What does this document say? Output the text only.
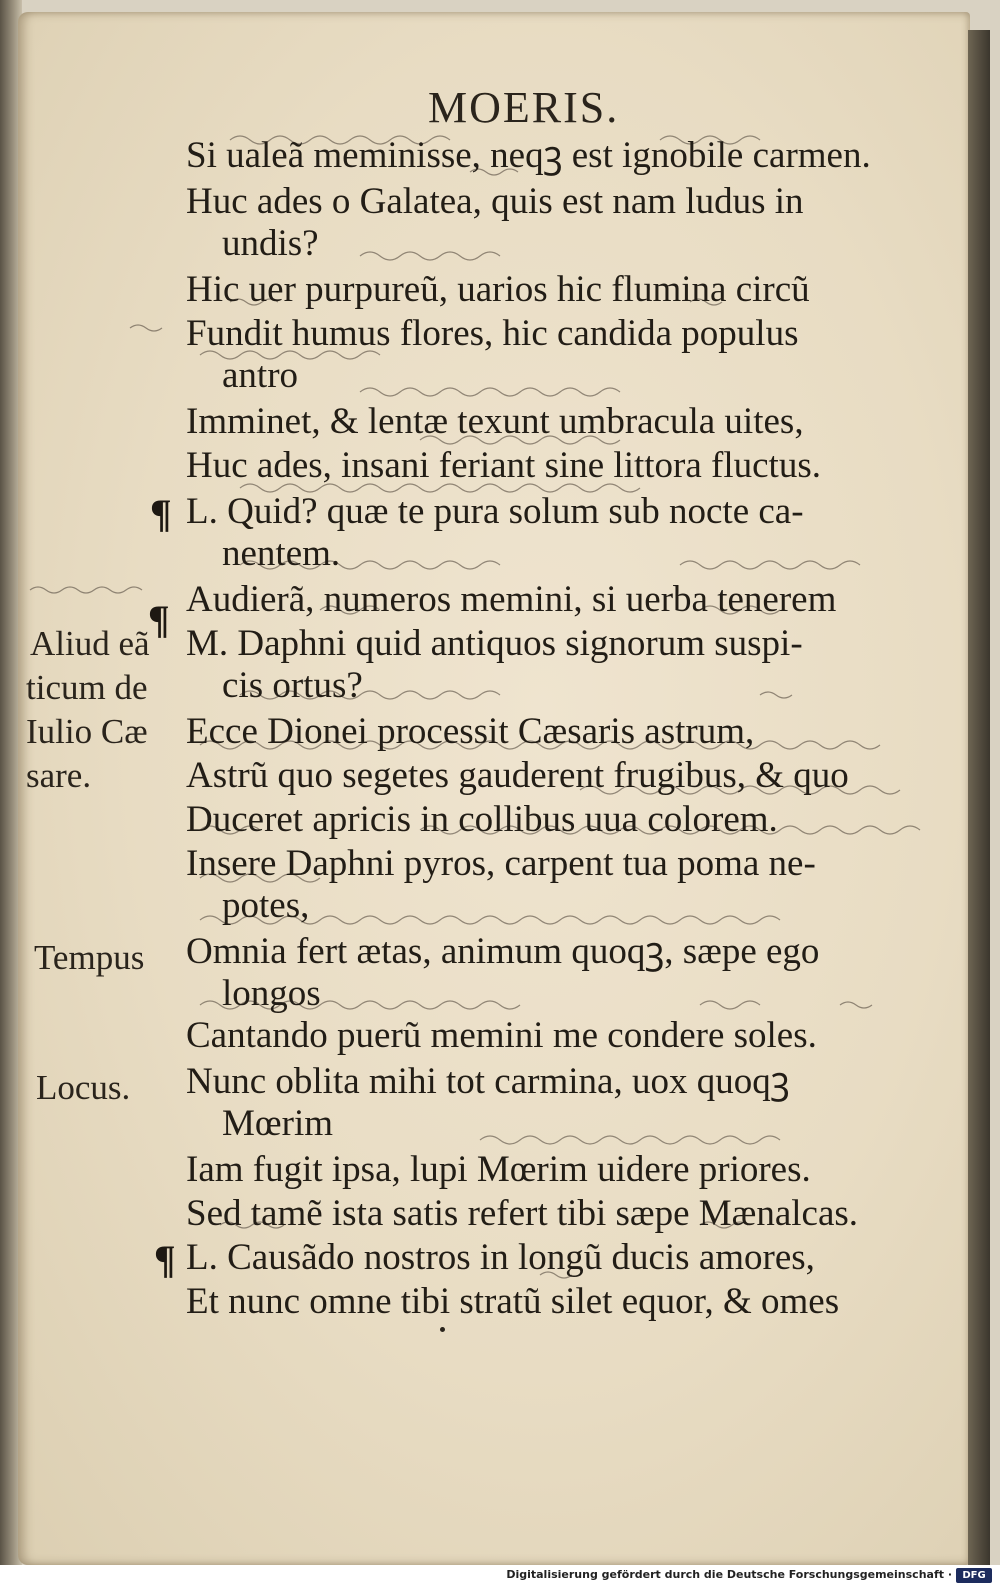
MOERIS.
Si ualeã meminisse, neqꝫ est ignobile carmen.
Huc ades o Galatea, quis est nam ludus in
undis?
Hic uer purpureũ, uarios hic flumina circũ
Fundit humus flores, hic candida populus
antro
Imminet, & lentæ texunt umbracula uites,
Huc ades, insani feriant sine littora fluctus.
L. Quid? quæ te pura solum sub nocte ca-
nentem.
Audierã, numeros memini, si uerba tenerem
M. Daphni quid antiquos signorum suspi-
cis ortus?
Ecce Dionei processit Cæsaris astrum,
Astrũ quo segetes gauderent frugibus, & quo
Duceret apricis in collibus uua colorem.
Insere Daphni pyros, carpent tua poma ne-
potes,
Omnia fert ætas, animum quoqꝫ, sæpe ego
longos
Cantando puerũ memini me condere soles.
Nunc oblita mihi tot carmina, uox quoqꝫ
Mœrim
Iam fugit ipsa, lupi Mœrim uidere priores.
Sed tamẽ ista satis refert tibi sæpe Mænalcas.
L. Causãdo nostros in longũ ducis amores,
Et nunc omne tibi stratũ silet equor, & omes
Aliud eã
ticum de
Iulio Cæ
sare.
Tempus
Locus.
¶
¶
¶
Digitalisierung gefördert durch die Deutsche Forschungsgemeinschaft ·	DFG
